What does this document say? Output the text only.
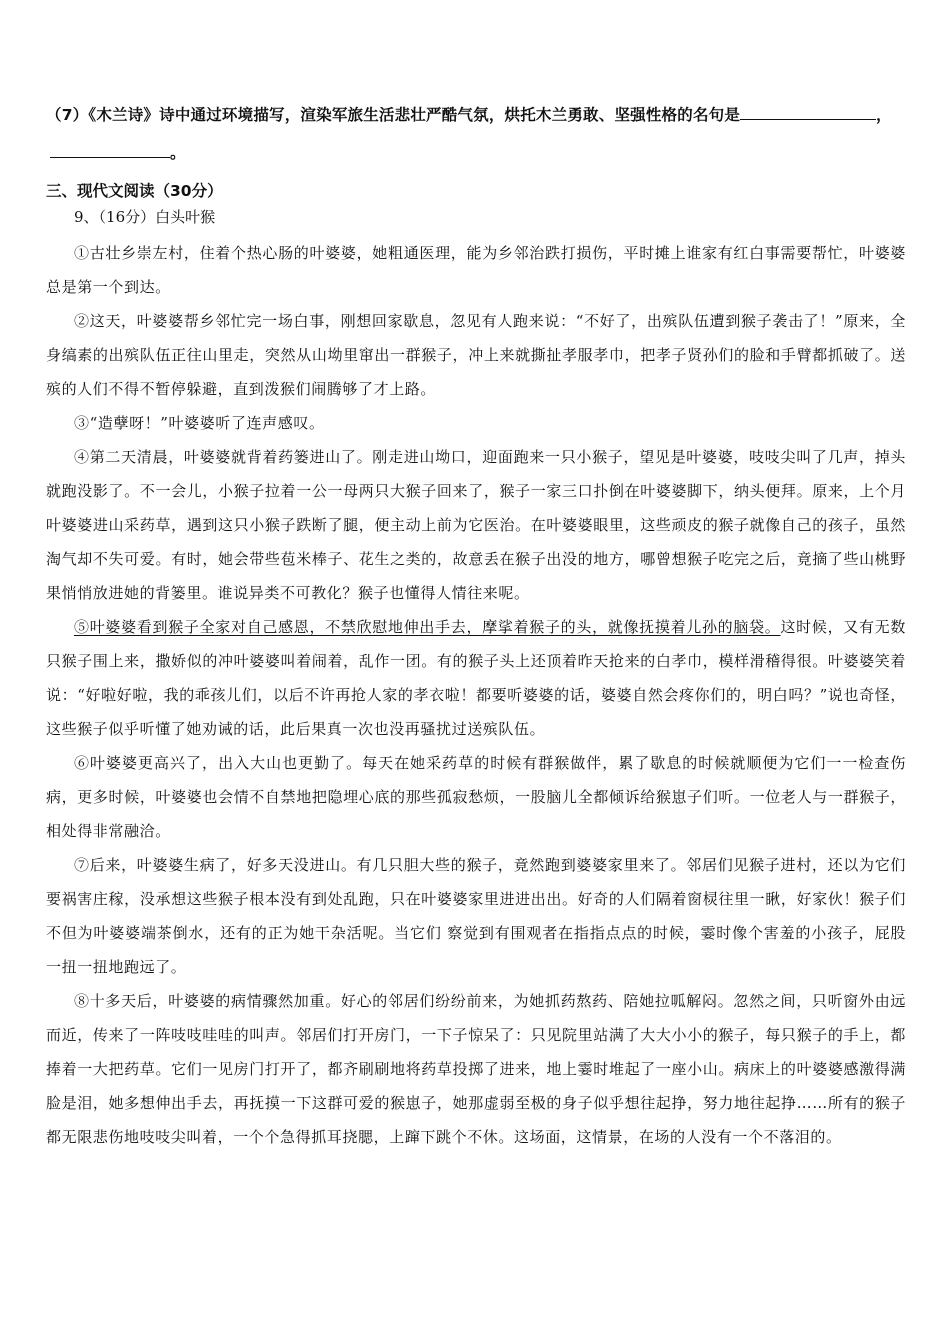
（7）《木兰诗》诗中通过环境描写，渲染军旅生活悲壮严酷气氛，烘托木兰勇敢、坚强性格的名句是	，。

三、现代文阅读（30分）
9、（16分）白头叶猴

①古壮乡崇左村，住着个热心肠的叶婆婆，她粗通医理，能为乡邻治跌打损伤，平时摊上谁家有红白事需要帮忙，叶婆婆总是第一个到达。

②这天，叶婆婆帮乡邻忙完一场白事，刚想回家歇息，忽见有人跑来说：“不好了，出殡队伍遭到猴子袭击了！”原来，全身缟素的出殡队伍正往山里走，突然从山坳里窜出一群猴子，冲上来就撕扯孝服孝巾，把孝子贤孙们的脸和手臂都抓破了。送殡的人们不得不暂停躲避，直到泼猴们闹腾够了才上路。

③“造孽呀！”叶婆婆听了连声感叹。

④第二天清晨，叶婆婆就背着药篓进山了。刚走进山坳口，迎面跑来一只小猴子，望见是叶婆婆，吱吱尖叫了几声，掉头就跑没影了。不一会儿，小猴子拉着一公一母两只大猴子回来了，猴子一家三口扑倒在叶婆婆脚下，纳头便拜。原来，上个月叶婆婆进山采药草，遇到这只小猴子跌断了腿，便主动上前为它医治。在叶婆婆眼里，这些顽皮的猴子就像自己的孩子，虽然淘气却不失可爱。有时，她会带些苞米棒子、花生之类的，故意丢在猴子出没的地方，哪曾想猴子吃完之后，竟摘了些山桃野果悄悄放进她的背篓里。谁说异类不可教化？猴子也懂得人情往来呢。

⑤叶婆婆看到猴子全家对自己感恩，不禁欣慰地伸出手去，摩挲着猴子的头，就像抚摸着儿孙的脑袋。这时候，又有无数只猴子围上来，撒娇似的冲叶婆婆叫着闹着，乱作一团。有的猴子头上还顶着昨天抢来的白孝巾，模样滑稽得很。叶婆婆笑着说：“好啦好啦，我的乖孩儿们，以后不许再抢人家的孝衣啦！都要听婆婆的话，婆婆自然会疼你们的，明白吗？”说也奇怪，这些猴子似乎听懂了她劝诫的话，此后果真一次也没再骚扰过送殡队伍。

⑥叶婆婆更高兴了，出入大山也更勤了。每天在她采药草的时候有群猴做伴，累了歇息的时候就顺便为它们一一检查伤病，更多时候，叶婆婆也会情不自禁地把隐埋心底的那些孤寂愁烦，一股脑儿全都倾诉给猴崽子们听。一位老人与一群猴子，相处得非常融洽。

⑦后来，叶婆婆生病了，好多天没进山。有几只胆大些的猴子，竟然跑到婆婆家里来了。邻居们见猴子进村，还以为它们要祸害庄稼，没承想这些猴子根本没有到处乱跑，只在叶婆婆家里进进出出。好奇的人们隔着窗棂往里一瞅，好家伙！猴子们不但为叶婆婆端茶倒水，还有的正为她干杂活呢。当它们 察觉到有围观者在指指点点的时候，霎时像个害羞的小孩子，屁股一扭一扭地跑远了。

⑧十多天后，叶婆婆的病情骤然加重。好心的邻居们纷纷前来，为她抓药熬药、陪她拉呱解闷。忽然之间，只听窗外由远而近，传来了一阵吱吱哇哇的叫声。邻居们打开房门，一下子惊呆了：只见院里站满了大大小小的猴子，每只猴子的手上，都捧着一大把药草。它们一见房门打开了，都齐刷刷地将药草投掷了进来，地上霎时堆起了一座小山。病床上的叶婆婆感激得满脸是泪，她多想伸出手去，再抚摸一下这群可爱的猴崽子，她那虚弱至极的身子似乎想往起挣，努力地往起挣……所有的猴子都无限悲伤地吱吱尖叫着，一个个急得抓耳挠腮，上蹿下跳个不休。这场面，这情景，在场的人没有一个不落泪的。
